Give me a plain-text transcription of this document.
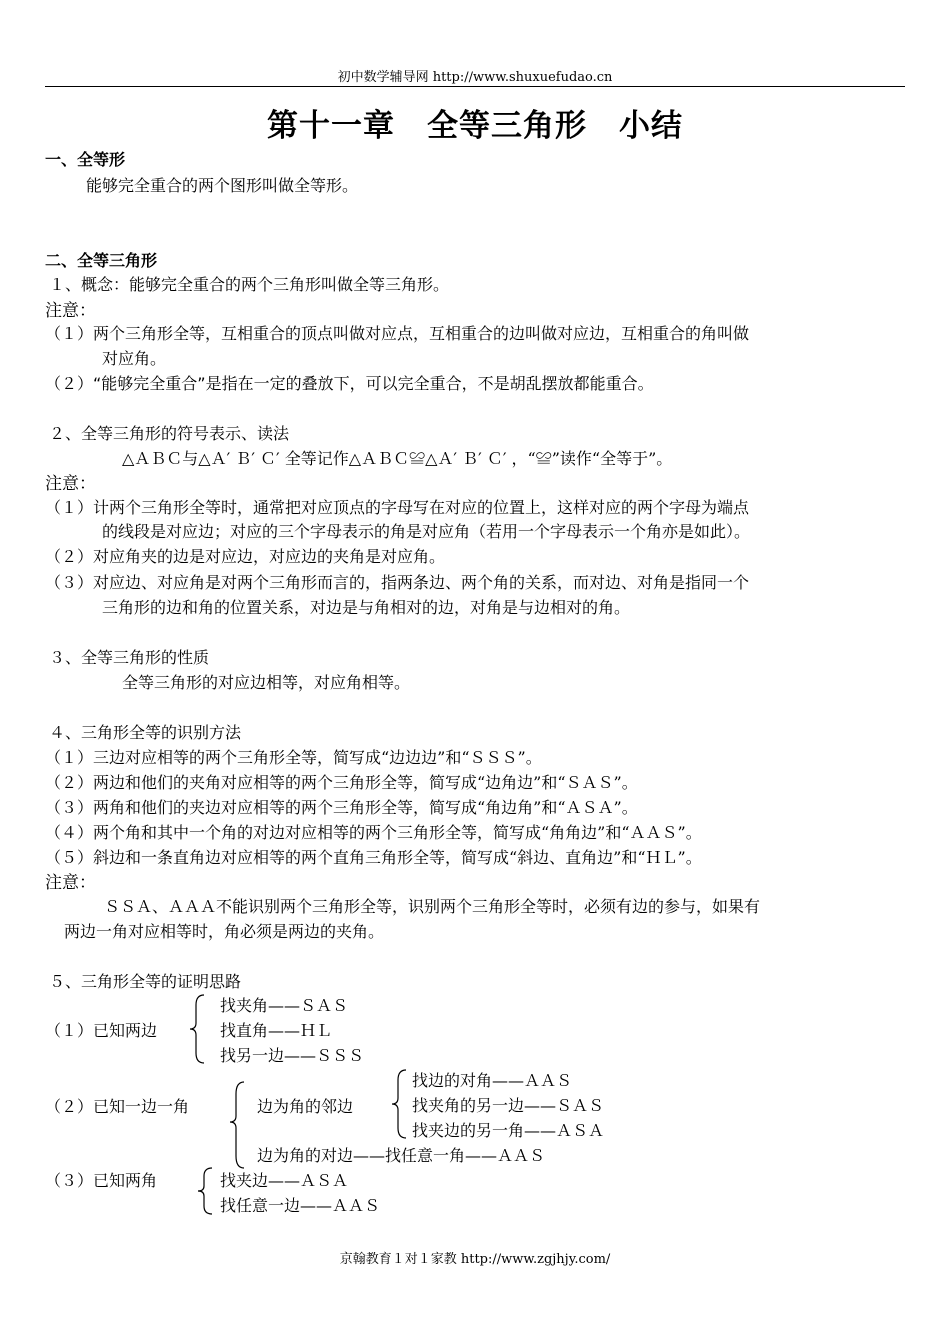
初中数学辅导网 http://www.shuxuefudao.cn
第十一章　全等三角形　小结
一、全等形
能够完全重合的两个图形叫做全等形。
二、全等三角形
１、概念：能够完全重合的两个三角形叫做全等三角形。
注意：
（１）两个三角形全等，互相重合的顶点叫做对应点，互相重合的边叫做对应边，互相重合的角叫做
对应角。
（２）“能够完全重合”是指在一定的叠放下，可以完全重合，不是胡乱摆放都能重合。
２、全等三角形的符号表示、读法
△ＡＢＣ与△Ａ′ Ｂ′ Ｃ′ 全等记作△ＡＢＣ≌△Ａ′ Ｂ′ Ｃ′ ，“≌”读作“全等于”。
注意：
（１）计两个三角形全等时，通常把对应顶点的字母写在对应的位置上，这样对应的两个字母为端点
的线段是对应边；对应的三个字母表示的角是对应角（若用一个字母表示一个角亦是如此）。
（２）对应角夹的边是对应边，对应边的夹角是对应角。
（３）对应边、对应角是对两个三角形而言的，指两条边、两个角的关系，而对边、对角是指同一个
三角形的边和角的位置关系，对边是与角相对的边，对角是与边相对的角。
３、全等三角形的性质
全等三角形的对应边相等，对应角相等。
４、三角形全等的识别方法
（１）三边对应相等的两个三角形全等，简写成“边边边”和“ＳＳＳ”。
（２）两边和他们的夹角对应相等的两个三角形全等，简写成“边角边”和“ＳＡＳ”。
（３）两角和他们的夹边对应相等的两个三角形全等，简写成“角边角”和“ＡＳＡ”。
（４）两个角和其中一个角的对边对应相等的两个三角形全等，简写成“角角边”和“ＡＡＳ”。
（５）斜边和一条直角边对应相等的两个直角三角形全等，简写成“斜边、直角边”和“ＨＬ”。
注意：
ＳＳＡ、ＡＡＡ不能识别两个三角形全等，识别两个三角形全等时，必须有边的参与，如果有
两边一角对应相等时，角必须是两边的夹角。
５、三角形全等的证明思路
（１）已知两边
找夹角——ＳＡＳ
找直角——ＨＬ
找另一边——ＳＳＳ
（２）已知一边一角	边为角的邻边
找边的对角——ＡＡＳ
找夹角的另一边——ＳＡＳ
找夹边的另一角——ＡＳＡ
边为角的对边——找任意一角——ＡＡＳ
（３）已知两角	找夹边——ＡＳＡ
找任意一边——ＡＡＳ
京翰教育１对１家教 http://www.zgjhjy.com/
